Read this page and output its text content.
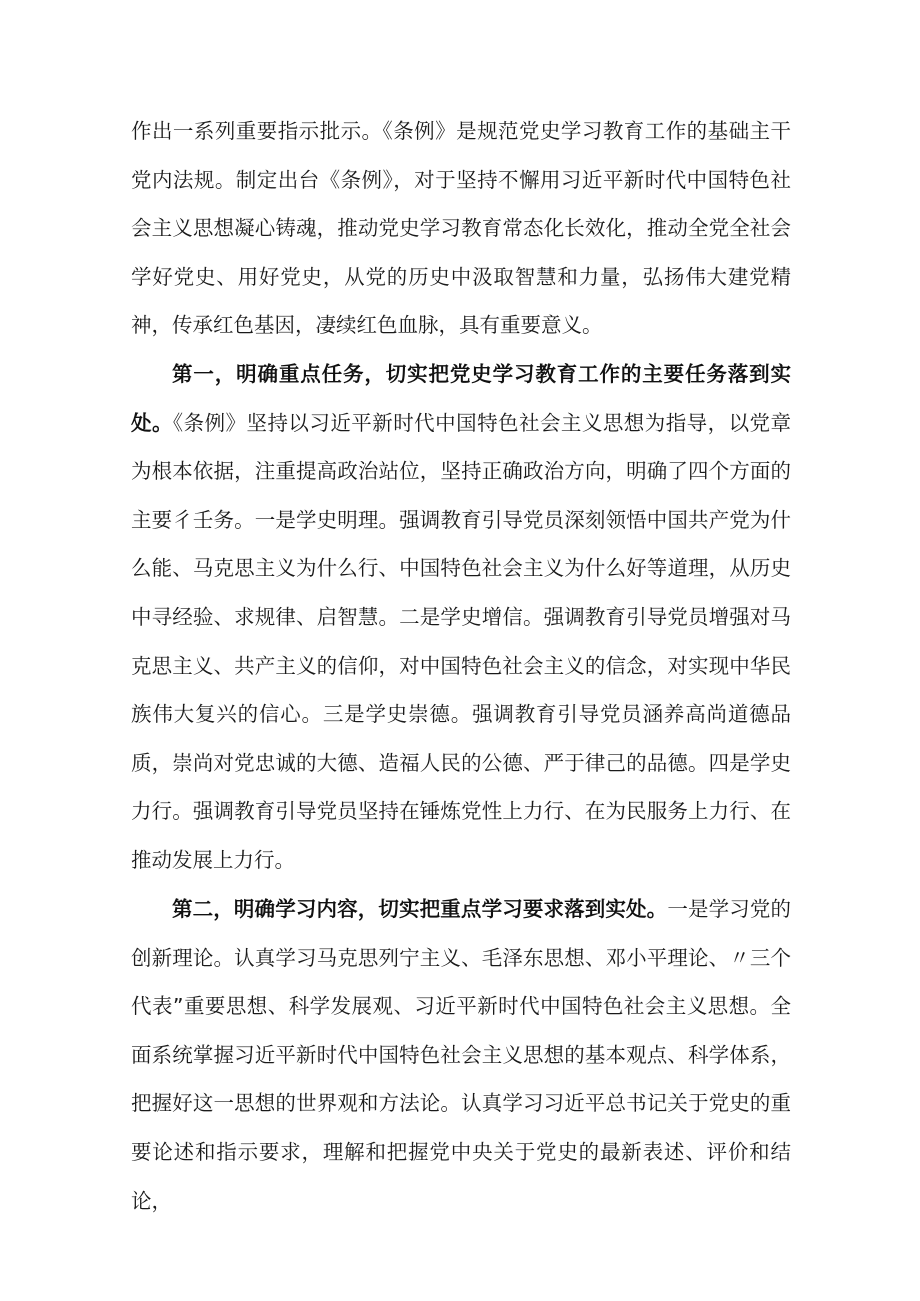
作出一系列重要指示批示。《条例》是规范党史学习教育工作的基础主干党内法规。制定出台《条例》，对于坚持不懈用习近平新时代中国特色社会主义思想凝心铸魂，推动党史学习教育常态化长效化，推动全党全社会学好党史、用好党史，从党的历史中汲取智慧和力量，弘扬伟大建党精神，传承红色基因，凄续红色血脉，具有重要意义。

第一，明确重点任务，切实把党史学习教育工作的主要任务落到实处。《条例》坚持以习近平新时代中国特色社会主义思想为指导，以党章为根本依据，注重提高政治站位，坚持正确政治方向，明确了四个方面的主要彳壬务。一是学史明理。强调教育引导党员深刻领悟中国共产党为什么能、马克思主义为什么行、中国特色社会主义为什么好等道理，从历史中寻经验、求规律、启智慧。二是学史增信。强调教育引导党员增强对马克思主义、共产主义的信仰，对中国特色社会主义的信念，对实现中华民族伟大复兴的信心。三是学史崇德。强调教育引导党员涵养高尚道德品质，崇尚对党忠诚的大德、造福人民的公德、严于律己的品德。四是学史力行。强调教育引导党员坚持在锤炼党性上力行、在为民服务上力行、在推动发展上力行。

第二，明确学习内容，切实把重点学习要求落到实处。一是学习党的创新理论。认真学习马克思列宁主义、毛泽东思想、邓小平理论、〃三个代表”重要思想、科学发展观、习近平新时代中国特色社会主义思想。全面系统掌握习近平新时代中国特色社会主义思想的基本观点、科学体系，把握好这一思想的世界观和方法论。认真学习习近平总书记关于党史的重要论述和指示要求，理解和把握党中央关于党史的最新表述、评价和结论，
